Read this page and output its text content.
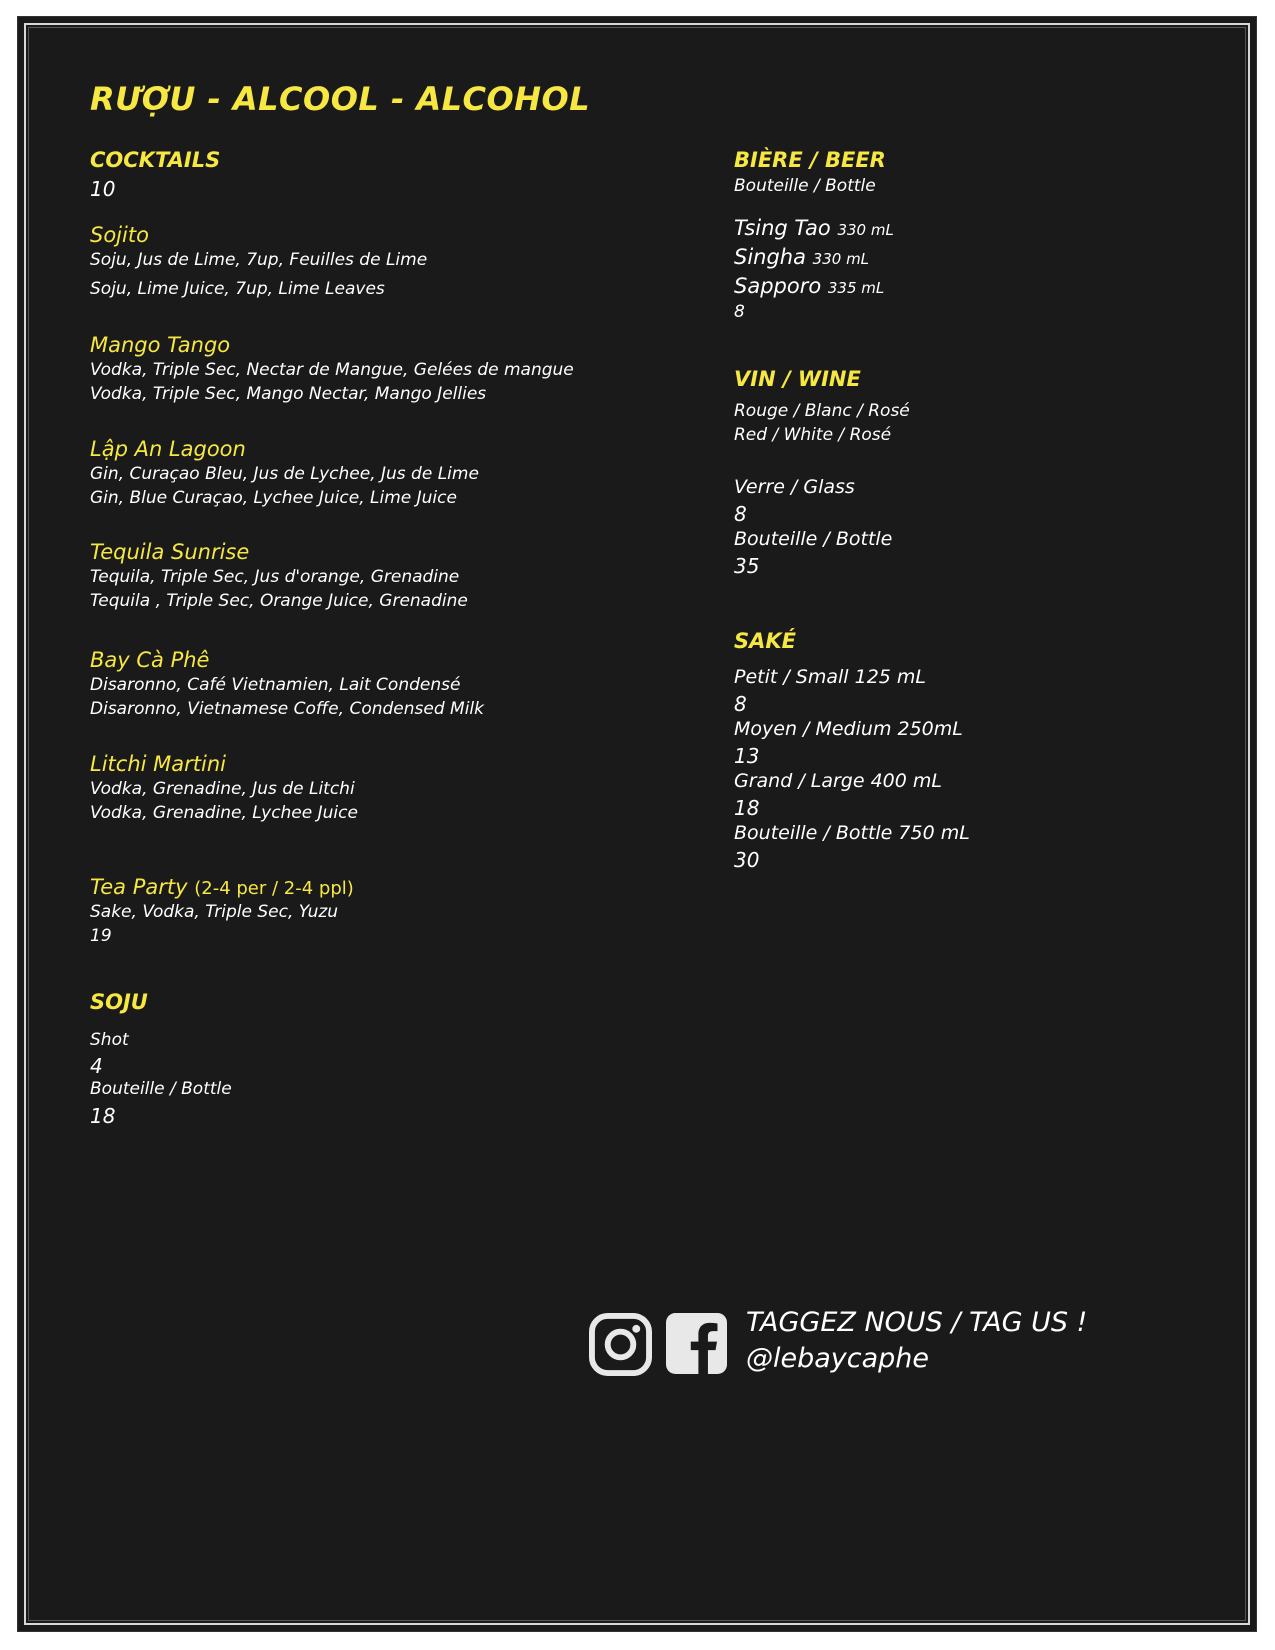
RƯỢU - ALCOOL - ALCOHOL
COCKTAILS
10
Sojito
Soju, Jus de Lime, 7up, Feuilles de Lime
Soju, Lime Juice, 7up, Lime Leaves
Mango Tango
Vodka, Triple Sec, Nectar de Mangue, Gelées de mangue
Vodka, Triple Sec, Mango Nectar, Mango Jellies
Lập An Lagoon
Gin, Curaçao Bleu, Jus de Lychee, Jus de Lime
Gin, Blue Curaçao, Lychee Juice, Lime Juice
Tequila Sunrise
Tequila, Triple Sec, Jus d'orange, Grenadine
Tequila , Triple Sec, Orange Juice, Grenadine
Bay Cà Phê
Disaronno, Café Vietnamien, Lait Condensé
Disaronno, Vietnamese Coffe, Condensed Milk
Litchi Martini
Vodka, Grenadine, Jus de Litchi
Vodka, Grenadine, Lychee Juice
Tea Party (2-4 per / 2-4 ppl)
Sake, Vodka, Triple Sec, Yuzu
19
SOJU
Shot
4
Bouteille / Bottle
18
BIÈRE / BEER
Bouteille / Bottle
Tsing Tao 330 mL
Singha 330 mL
Sapporo 335 mL
8
VIN / WINE
Rouge / Blanc / Rosé
Red / White / Rosé
Verre / Glass
8
Bouteille / Bottle
35
SAKÉ
Petit / Small 125 mL
8
Moyen / Medium 250mL
13
Grand / Large 400 mL
18
Bouteille / Bottle 750 mL
30
TAGGEZ NOUS / TAG US !
@lebaycaphe
